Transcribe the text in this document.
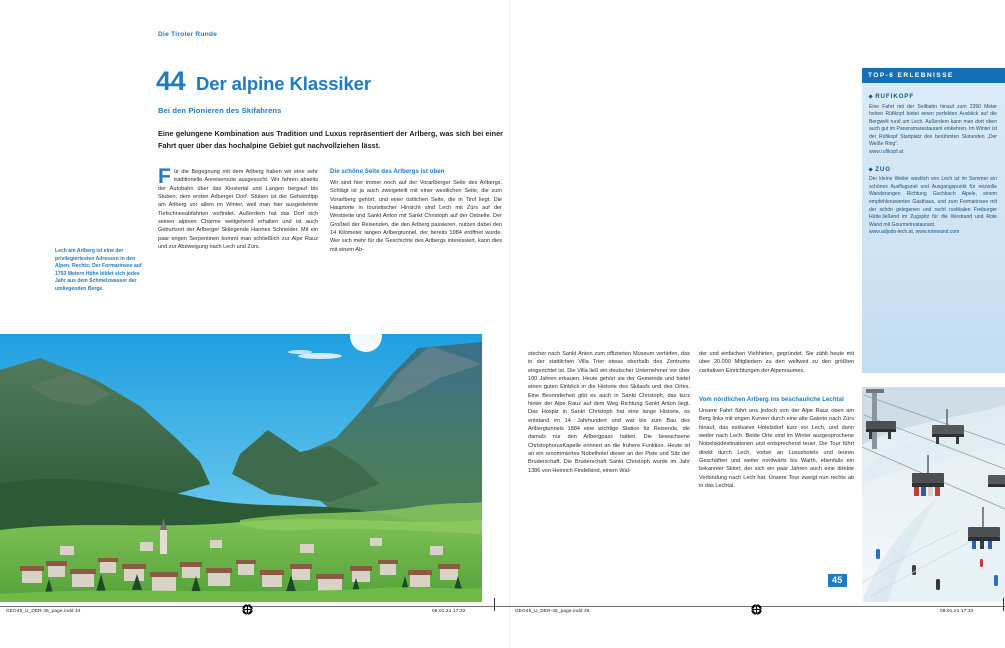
Die Tiroler Runde
44 Der alpine Klassiker
Bei den Pionieren des Skifahrens
Eine gelungene Kombination aus Tradition und Luxus repräsentiert der Arlberg, was sich bei einer Fahrt quer über das hochalpine Gebiet gut nachvollziehen lässt.
Für die Begegnung mit dem Arlberg haben wir eine sehr traditionelle Anreiseroute ausgesucht. Wir fahren abseits der Autobahn über das Klostertal und Langen bergauf bis Stuben, dem ersten Arlberger Dorf. Stuben ist der Geheimtipp am Arlberg vor allem im Winter, weil man hier ausgedehnte Tiefschneeabfahrten vorfindet. Außerdem hat das Dorf sich seinen alpinen Charme weitgehend erhalten und ist auch Geburtsort der Arlberger Skilegende Hannes Schneider. Mit ein paar engen Serpentinen kommt man schließlich zur Alpe Rauz und zur Abzweigung nach Lech und Zürs.
Die schöne Seite des Arlbergs ist oben
Wir sind hier immer noch auf der Vorarlberger Seite des Arlbergs. Schlägt ist ja auch zweigeteilt mit einer westlichen Seite, die zum Vorarlberg gehört, und einer östlichen Seite, die in Tirol liegt. Die Hauptorte in touristischer Hinsicht sind Lech mit Zürs auf der Westseite und Sankt Anton mit Sankt Christoph auf der Ostseite. Der Großteil der Reisenden, die den Arlberg passieren, nutzen dabei den 14 Kilometer langen Arlbergtunnel, der bereits 1984 eröffnet wurde. Wer sich mehr für die Geschichte des Arlbergs interessiert, kann dies mit einem Ab-
Lech am Arlberg ist eine der privilegiertesten Adressen in den Alpen. Rechts: Der Formarinsee auf 1793 Metern Höhe bildet sich jedes Jahr aus dem Schmelzwasser der umliegenden Berge.
stecher nach Sankt Anton zum offizierten Museum vertiefen, das in der stattlichen Villa Trier etwas oberhalb des Zentrums eingerichtet ist. Die Villa ließ ein deutscher Unternehmer vor über 100 Jahren erbauen. Heute gehört sie der Gemeinde und bietet einen guten Einblick in die Historie des Skilaufs und des Ortes. Eine Besonderheit gibt es auch in Sankt Christoph, das kurz hinter der Alpe Rauz auf dem Weg Richtung Sankt Anton liegt. Das Hospiz in Sankt Christoph hat eine lange Historie, es entstand im 14. Jahrhundert und war bis zum Bau des Arlbergtunnels 1884 eine wichtige Station für Reisende, die damals nur den Arlbergpass hatten. Die bewachsene ChristophorusKapelle erinnert an die frühere Funktion. Heute ist an ein renommiertes Nobelhotel dieser an der Piste und Sitz der Bruderschaft. Die Bruderschaft Sankt Christoph wurde im Jahr 1386 von Heinrich Findelkind, einem Wäl-
der und einfachen Viehhirten, gegründet. Sie zählt heute mit über 20.000 Mitgliedern zu den weltweit zu den größten caritativen Einrichtungen der Alpenraumes.
Vom nördlichen Arlberg ins beschauliche Lechtal
Unsere Fahrt führt uns jedoch von der Alpe Rauz oben am Berg links mit engen Kurven durch eine alte Galerie nach Zürs hinauf, das exklusive Hotelsdorf kurz vor Lech, und dann weiter nach Lech. Beide Orte sind im Winter ausgesprochene Nobelskidestinationen und entsprechend teuer. Die Tour führt direkt durch Lech, vorbei an Luxushotels und teuren Geschäften und weiter nordwärts bis Warth, ebenfalls ein bekannter Skiort, der sich ein paar Jahren auch eine direkte Verbindung nach Lech hat. Unsere Tour zweigt nun rechts ab in das Lechtal.
45
TOP-6 ERLEBNISSE
RUFIKOPF
Eine Fahrt mit der Seilbahn hinauf zum 2350 Meter hohen Rüfikopf bietet einen perfekten Ausblick auf die Bergwelt rund um Lech. Außerdem kann man dort oben auch gut im Panoramarestaurant einkehren. Im Winter ist der Rüfikopf Startplatz des berühmten Skirunden „Der Weiße Ring“.
www.rufikopf.at
ZUG
Der kleine Weiler westlich von Lech ist im Sommer ein schönes Ausflugsziel und Ausgangspunkt für reizvolle Wanderungen Richtung Gschbach Alpele, einem empfehlenswerten Gasthaus, und zum Formarinsee mit der schön gelegenen und recht rustikalen Freiburger Hütte,ließend im Zugspitz für die Westrand und Rote Wand mit Gourmetrestaurant.
www.adjudo-lech.at, www.rotewand.com
GEO45_U_DER-45_page.indd 44	08.01.21 17:32	GEO45_U_DER-45_page.indd 45	08.01.21 17:32
